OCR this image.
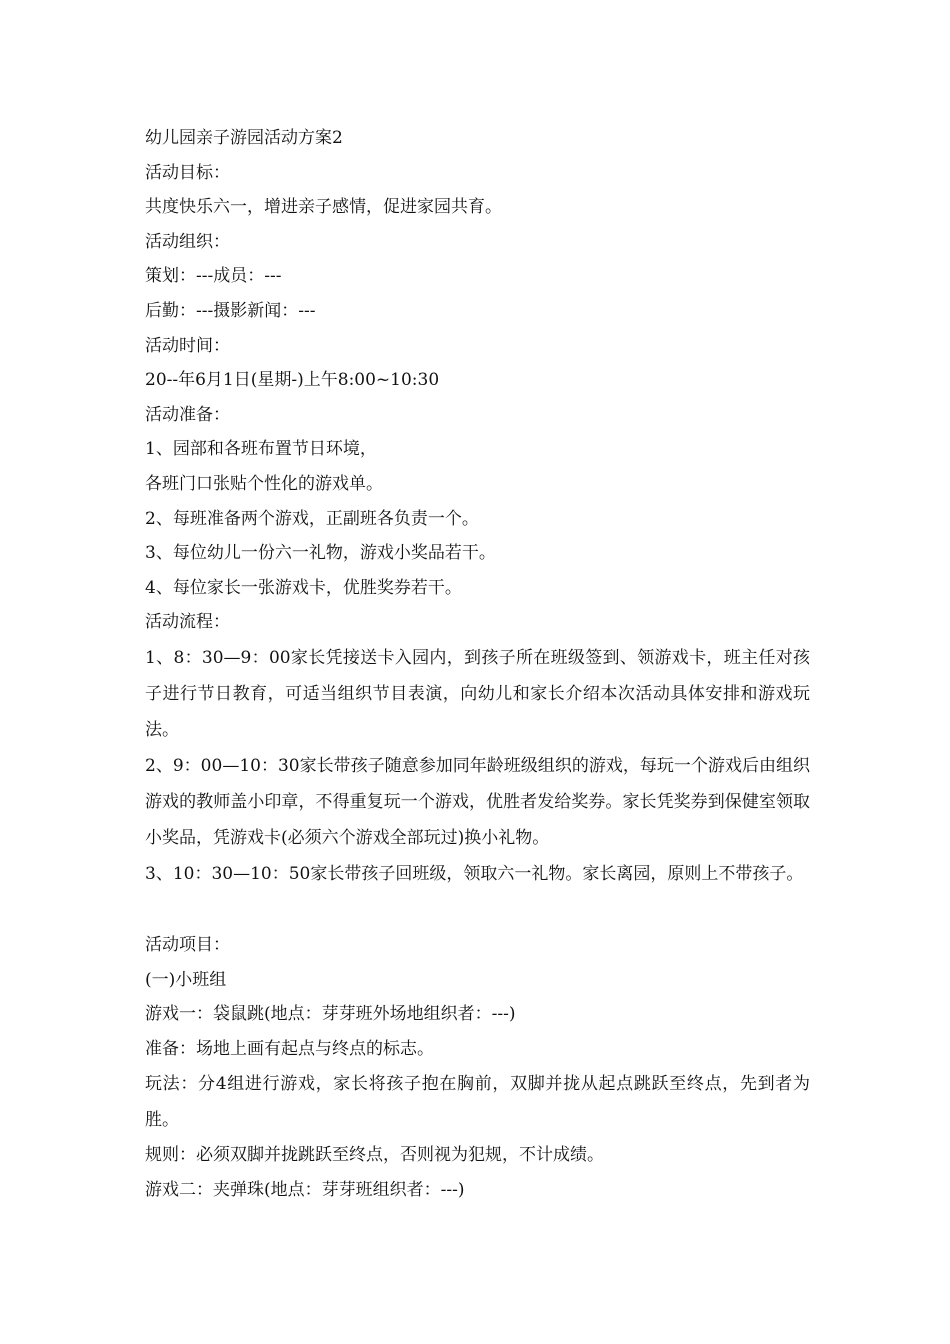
幼儿园亲子游园活动方案2
活动目标：
共度快乐六一，增进亲子感情，促进家园共育。
活动组织：
策划：---成员：---
后勤：---摄影新闻：---
活动时间：
20--年6月1日(星期-)上午8:00~10:30
活动准备：
1、园部和各班布置节日环境，
各班门口张贴个性化的游戏单。
2、每班准备两个游戏，正副班各负责一个。
3、每位幼儿一份六一礼物，游戏小奖品若干。
4、每位家长一张游戏卡，优胜奖券若干。
活动流程：

1、8：30—9：00家长凭接送卡入园内，到孩子所在班级签到、领游戏卡，班主任对孩子进行节日教育，可适当组织节目表演，向幼儿和家长介绍本次活动具体安排和游戏玩法。

2、9：00—10：30家长带孩子随意参加同年龄班级组织的游戏，每玩一个游戏后由组织游戏的教师盖小印章，不得重复玩一个游戏，优胜者发给奖券。家长凭奖券到保健室领取小奖品，凭游戏卡(必须六个游戏全部玩过)换小礼物。

3、10：30—10：50家长带孩子回班级，领取六一礼物。家长离园，原则上不带孩子。

活动项目：
(一)小班组
游戏一：袋鼠跳(地点：芽芽班外场地组织者：---)
准备：场地上画有起点与终点的标志。

玩法：分4组进行游戏，家长将孩子抱在胸前，双脚并拢从起点跳跃至终点，先到者为胜。

规则：必须双脚并拢跳跃至终点，否则视为犯规，不计成绩。
游戏二：夹弹珠(地点：芽芽班组织者：---)
